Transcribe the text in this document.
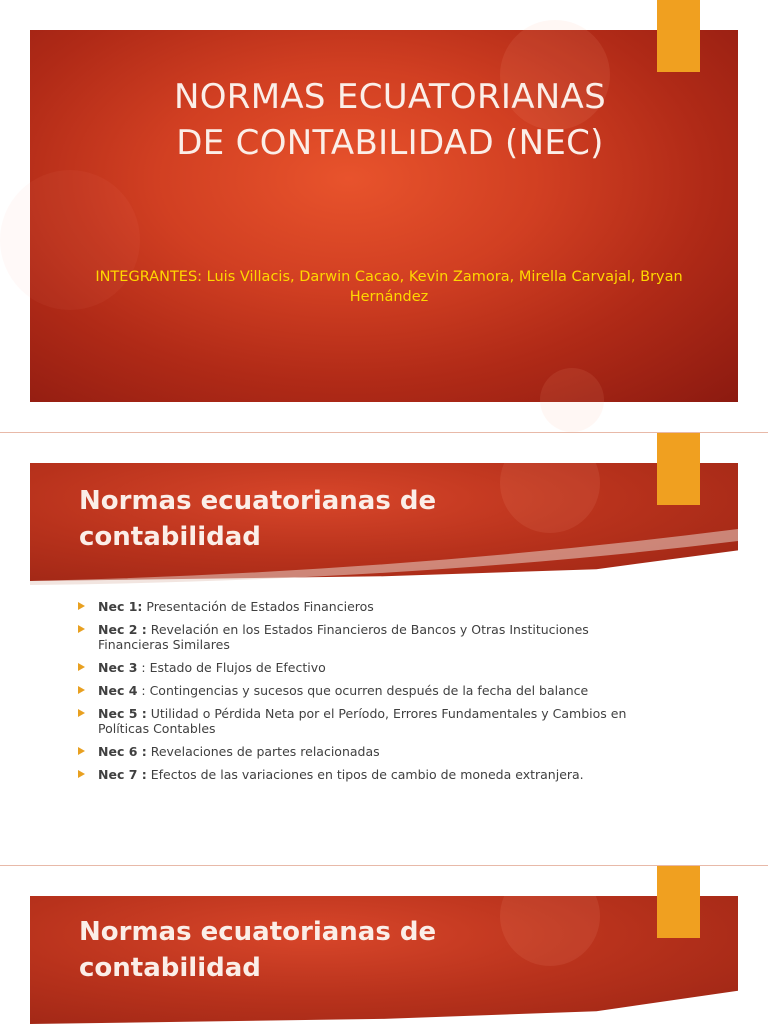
NORMAS ECUATORIANAS
DE CONTABILIDAD (NEC)
INTEGRANTES: Luis Villacis, Darwin Cacao, Kevin Zamora, Mirella Carvajal, Bryan
Hernández
Normas ecuatorianas de
contabilidad
Nec 1: Presentación de Estados Financieros
Nec 2 : Revelación en los Estados Financieros de Bancos y Otras Instituciones Financieras Similares
Nec 3 : Estado de Flujos de Efectivo
Nec 4 : Contingencias y sucesos que ocurren después de la fecha del balance
Nec 5 : Utilidad o Pérdida Neta por el Período, Errores Fundamentales y Cambios en Políticas Contables
Nec 6 : Revelaciones de partes relacionadas
Nec 7 : Efectos de las variaciones en tipos de cambio de moneda extranjera.
Normas ecuatorianas de
contabilidad
